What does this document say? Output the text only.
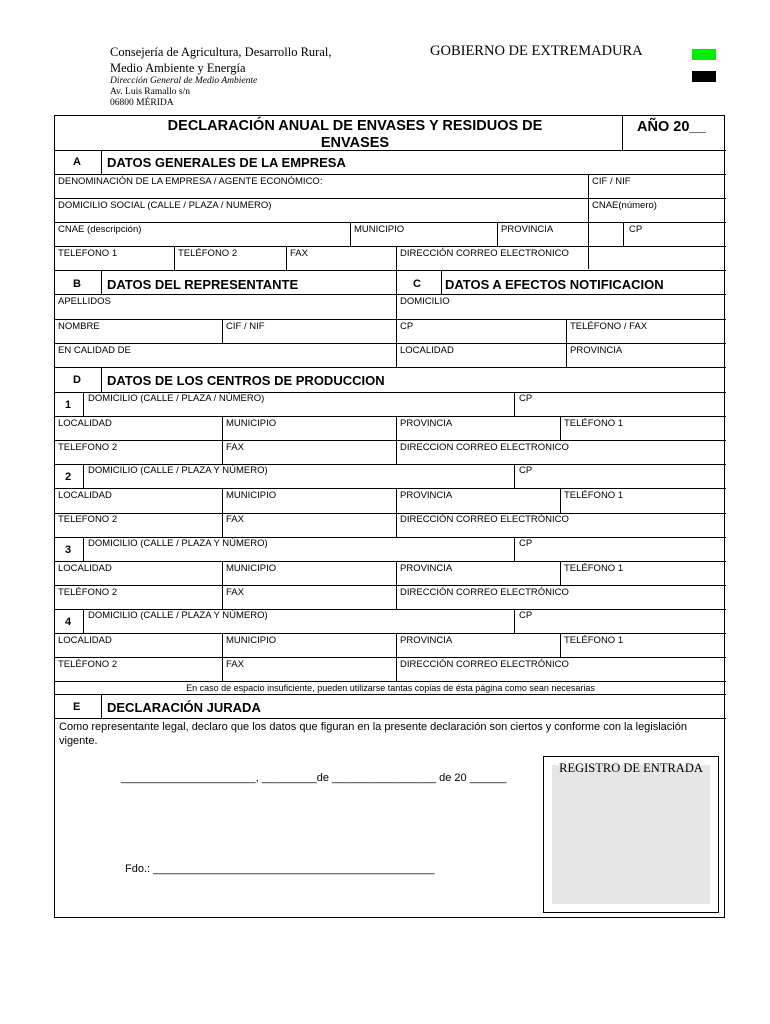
Consejería de Agricultura, Desarrollo Rural,
Medio Ambiente y Energía
Dirección General de Medio Ambiente
Av. Luis Ramallo s/n
06800 MÉRIDA
GOBIERNO DE EXTREMADURA
DECLARACIÓN ANUAL DE ENVASES Y RESIDUOS DE ENVASES
AÑO 20__
A DATOS GENERALES DE LA EMPRESA
DENOMINACIÓN DE LA EMPRESA / AGENTE ECONÓMICO:	CIF / NIF
DOMICILIO SOCIAL (CALLE / PLAZA / NUMERO)	CNAE(número)
CNAE (descripción)	MUNICIPIO	PROVINCIA	CP
TELEFONO 1	TELÉFONO 2	FAX	DIRECCIÓN CORREO ELECTRONICO
B DATOS DEL REPRESENTANTE	C DATOS A EFECTOS NOTIFICACION
APELLIDOS	DOMICILIO
NOMBRE	CIF / NIF	CP	TELÉFONO / FAX
EN CALIDAD DE	LOCALIDAD	PROVINCIA
D DATOS DE LOS CENTROS DE PRODUCCION
1
DOMICILIO (CALLE / PLAZA / NÚMERO)	CP
LOCALIDAD	MUNICIPIO	PROVINCIA	TELÉFONO 1
TELEFONO 2	FAX	DIRECCION CORREO ELECTRONICO
2
DOMICILIO (CALLE / PLAZA Y NÚMERO)	CP
LOCALIDAD	MUNICIPIO	PROVINCIA	TELÉFONO 1
TELEFONO 2	FAX	DIRECCIÓN CORREO ELECTRÓNICO
3
DOMICILIO (CALLE / PLAZA Y NÚMERO)	CP
LOCALIDAD	MUNICIPIO	PROVINCIA	TELÉFONO 1
TELÉFONO 2	FAX	DIRECCIÓN CORREO ELECTRÓNICO
4
DOMICILIO (CALLE / PLAZA Y NÚMERO)	CP
LOCALIDAD	MUNICIPIO	PROVINCIA	TELÉFONO 1
TELÉFONO 2	FAX	DIRECCIÓN CORREO ELECTRÓNICO
En caso de espacio insuficiente, pueden utilizarse tantas copias de ésta página como sean necesarias
E DECLARACIÓN JURADA
Como representante legal, declaro que los datos que figuran en la presente declaración son ciertos y conforme con la legislación vigente.
______________________, _________de _________________ de 20 ______
Fdo.: ______________________________________________
REGISTRO DE ENTRADA
